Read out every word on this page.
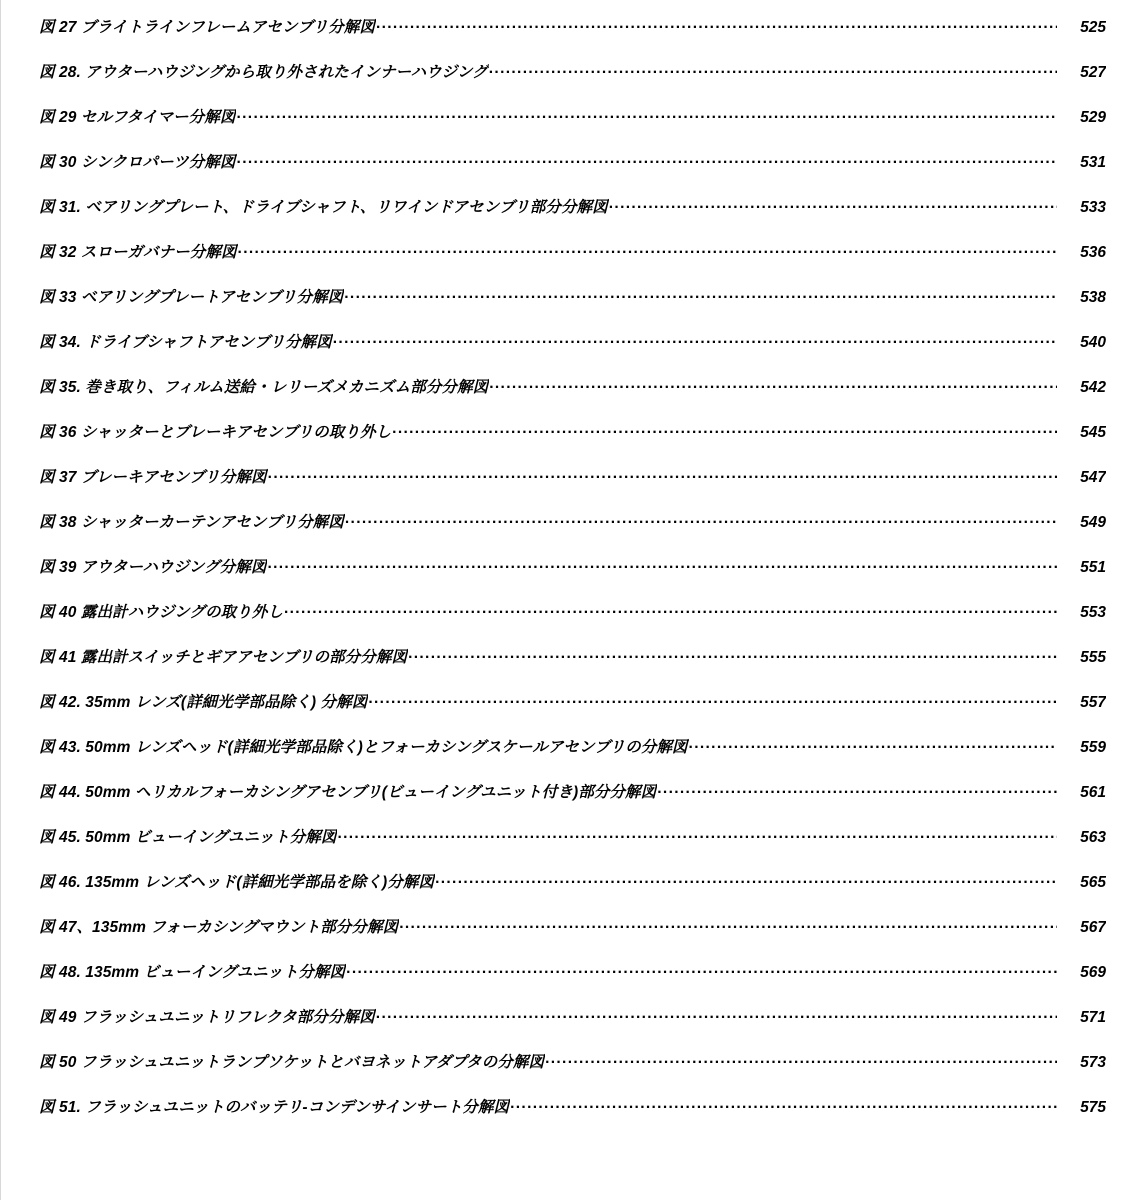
図 27 ブライトラインフレームアセンブリ分解図 .....	525
図 28. アウターハウジングから取り外されたインナーハウジング .....	527
図 29 セルフタイマー分解図 .....	529
図 30 シンクロパーツ分解図 .....	531
図 31. ベアリングプレート、ドライブシャフト、リワインドアセンブリ部分分解図 .....	533
図 32 スローガバナー分解図 .....	536
図 33 ベアリングプレートアセンブリ分解図 .....	538
図 34. ドライブシャフトアセンブリ分解図 .....	540
図 35. 巻き取り、フィルム送給・レリーズメカニズム部分分解図 .....	542
図 36 シャッターとブレーキアセンブリの取り外し .....	545
図 37 ブレーキアセンブリ分解図 .....	547
図 38 シャッターカーテンアセンブリ分解図 .....	549
図 39 アウターハウジング分解図 .....	551
図 40 露出計ハウジングの取り外し .....	553
図 41 露出計スイッチとギアアセンブリの部分分解図 .....	555
図 42. 35mm レンズ(詳細光学部品除く) 分解図 .....	557
図 43. 50mm レンズヘッド(詳細光学部品除く)とフォーカシングスケールアセンブリの分解図 .....	559
図 44. 50mm ヘリカルフォーカシングアセンブリ(ビューイングユニット付き)部分分解図 .....	561
図 45. 50mm ビューイングユニット分解図 .....	563
図 46. 135mm レンズヘッド(詳細光学部品を除く)分解図 .....	565
図 47、135mm フォーカシングマウント部分分解図 .....	567
図 48. 135mm ビューイングユニット分解図 .....	569
図 49 フラッシュユニットリフレクタ部分分解図 .....	571
図 50 フラッシュユニットランプソケットとバヨネットアダプタの分解図 .....	573
図 51. フラッシュユニットのバッテリ-コンデンサインサート分解図 .....	575
